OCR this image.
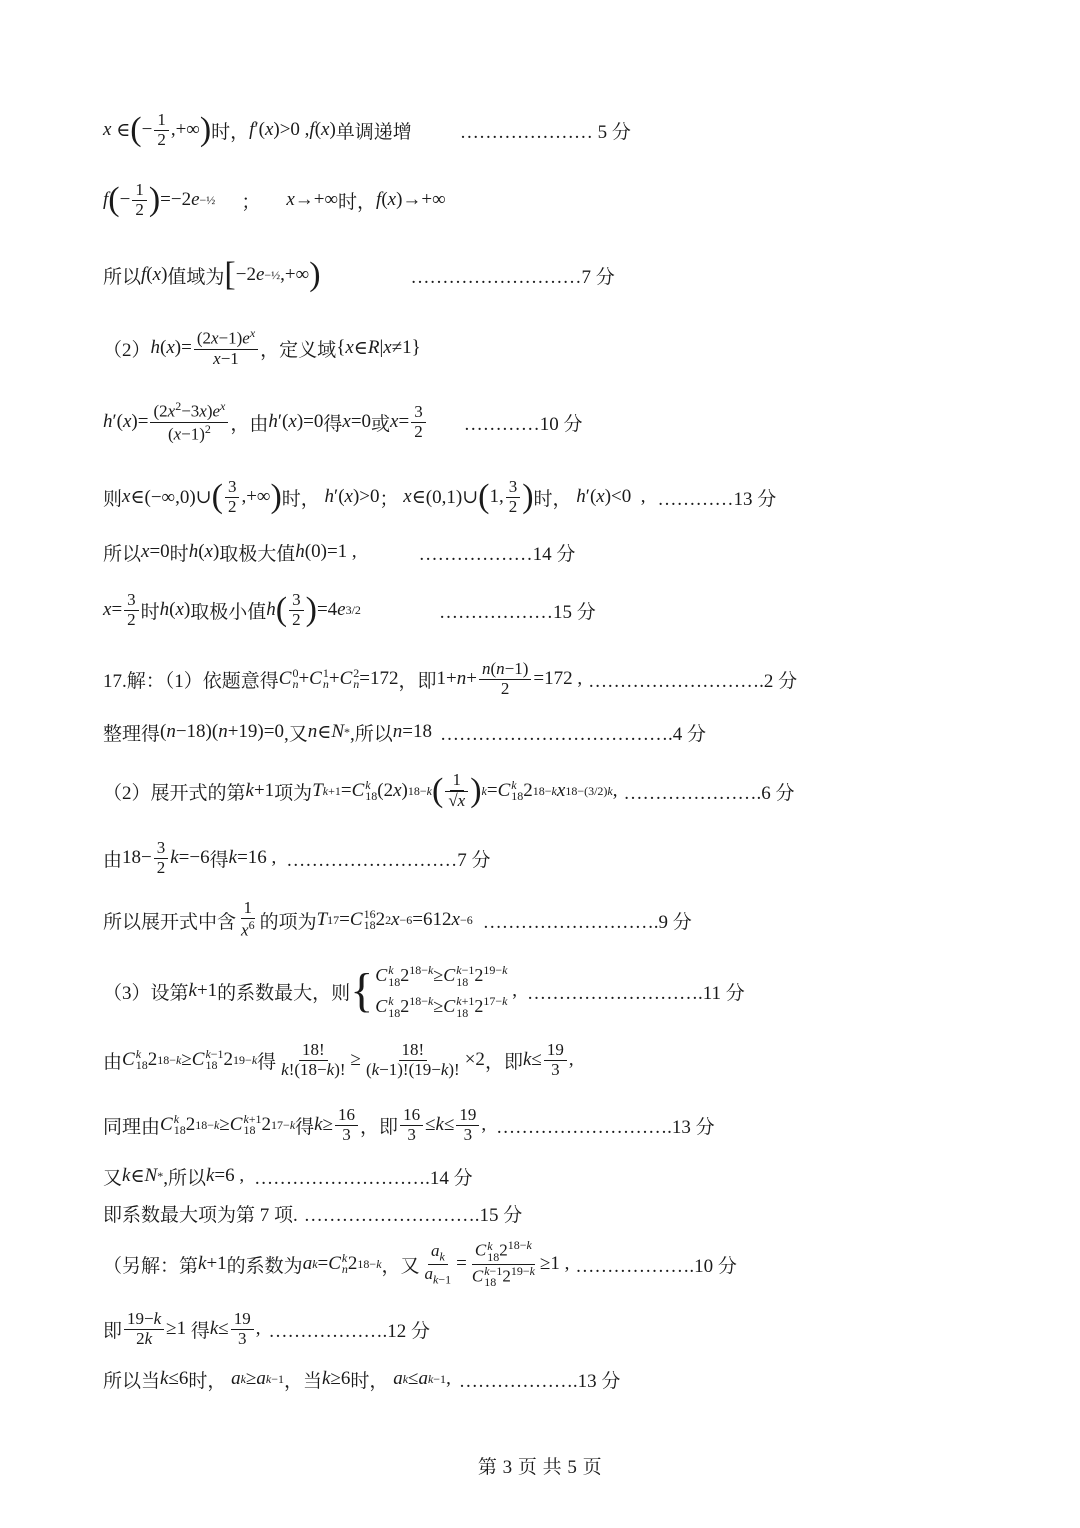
x ∈ ( − $\frac{1}{2}$ ,+∞ ) 时， f ′( x )>0 , f ( x ) 单调递增	………………… 5 分
f ( − $\frac{1}{2}$ ) =−2 e −½ ； x →+∞ 时， f ( x )→+∞
所以 f ( x ) 值域为 [ −2 e −½ ,+∞ )	………………………7 分
（2） h ( x )= $\frac{(2x-1)e^x}{x-1}$ ，定义域 { x ∈ R | x ≠1}
h ′( x )= $\frac{(2x^2-3x)e^x}{(x-1)^2}$ ，由 h ′( x )=0 得 x =0 或 $x = \frac{3}{2}$ …………10 分
则 x ∈(−∞,0)∪ ( $\frac{3}{2}$ ,+∞ ) 时，
h ′( x )>0 ；
x ∈(0,1)∪ ( 1, $\frac{3}{2}$ ) 时，
h ′( x )<0  , …………13 分
所以 x =0 时 h ( x ) 取极大值 h (0)=1 ,	………………14 分
$x = \frac{3}{2}$ 时 h ( x ) 取极小值 h ( $\frac{3}{2}$ ) =4 e 3/2	………………15 分
17.解：（1）依题意得 C 0
n + C 1
n + C 2
n =172 ，即 $1+ n + \frac{n(n-1)}{2} =172$ , ……………………….2 分
整理得 ( n −18)( n +19)=0 ,又 n ∈ N * ,所以 n =18 ……………………………….4 分
（2）展开式的第 k +1 项为 T k+1 = C k
18 (2 x ) 18−k ( $\frac{1}{√x}$ ) k = C k
18 2 18−k x 18−(3/2)k , ………………….6 分
由 $18- \frac{3}{2}$ k =−6 得 k =16 , ………………………7 分
所以展开式中含 $\frac{1}{x^6}$ 的项为 T 17 = C 16
18 2 2 x −6 =612 x −6 ……………………….9 分
（3）设第 k +1 的系数最大，则 { C k
18 $2^{18-k}\ge C$ k−1
18 $2^{19-k}$
C k
18 $2^{18-k}\ge C$ k+1
18 $2^{17-k}$ , ……………………….11 分
由 C k
18 2 18−k ≥ C k−1
18 2 19−k 得 $\frac{18!}{k!(18-k)!} \ge \frac{18!}{(k-1)!(19-k)!} \times 2$ ，即 $k \le \frac{19}{3}$ ,
同理由 C k
18 2 18−k ≥ C k+1
18 2 17−k 得 $k \ge \frac{16}{3}$ ，即 $\frac{16}{3} \le k \le \frac{19}{3}$ , ……………………….13 分
又 k ∈ N * ,所以 k =6 , ……………………….14 分
即系数最大项为第 7 项. ……………………….15 分
（另解：第 k +1 的系数为 a k = C k
n 2 18−k ，又 $\frac{a_k}{a_{k-1}} = C$ k
18 $2^{18-k}$
C k−1
18 $2^{19-k} \ge 1$ , ……………….10 分
即 $\frac{19-k}{2k} \ge 1$ 得 $k \le \frac{19}{3}$ , ……………….12 分
所以当 k ≤6 时，
a k ≥ a k−1 ，当 k ≥6 时，
a k ≤ a k−1 , ……………….13 分
第 3 页 共 5 页
